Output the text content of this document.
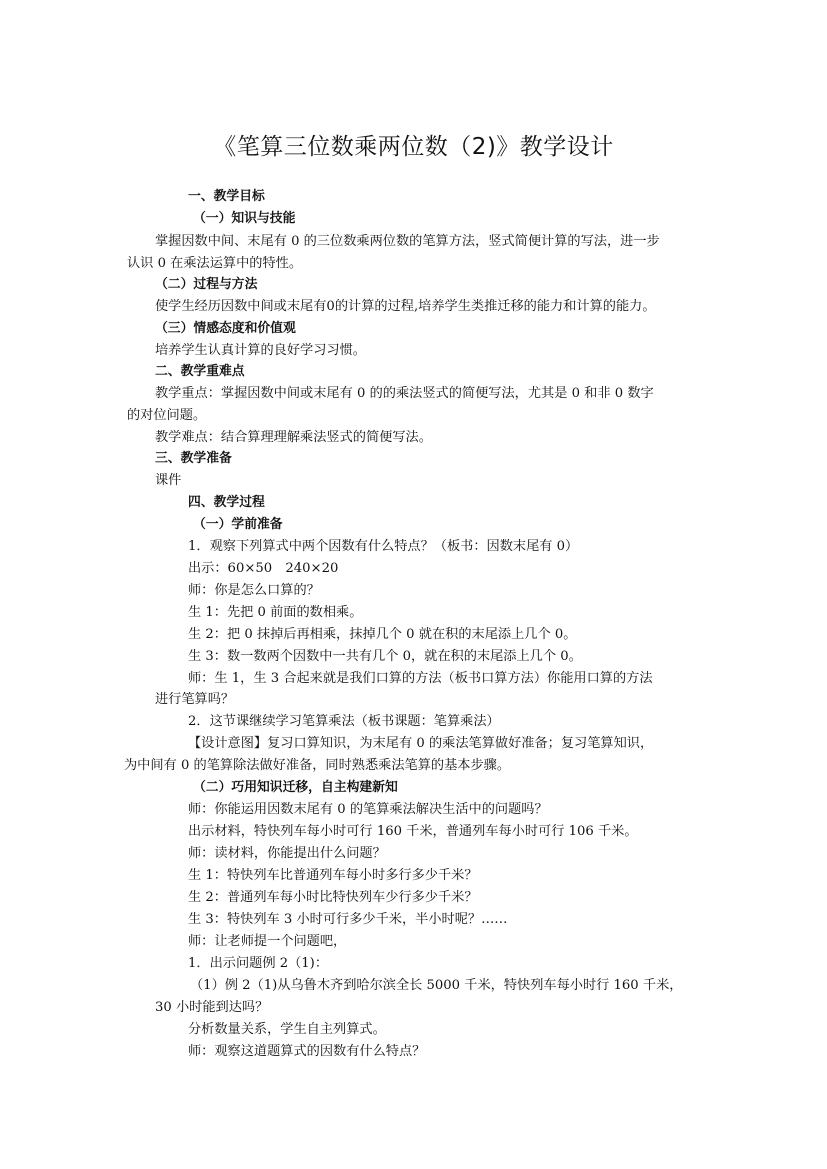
《笔算三位数乘两位数（2)》教学设计
一、教学目标
（一）知识与技能
掌握因数中间、末尾有 0 的三位数乘两位数的笔算方法，竖式简便计算的写法，进一步
认识 0 在乘法运算中的特性。
（二）过程与方法
使学生经历因数中间或末尾有0的计算的过程,培养学生类推迁移的能力和计算的能力。
（三）情感态度和价值观
培养学生认真计算的良好学习习惯。
二、教学重难点
教学重点：掌握因数中间或末尾有 0 的的乘法竖式的简便写法，尤其是 0 和非 0 数字
的对位问题。
教学难点：结合算理理解乘法竖式的简便写法。
三、教学准备
课件
四、教学过程
（一）学前准备
1．观察下列算式中两个因数有什么特点？（板书：因数末尾有 0）
出示：60×50　240×20
师：你是怎么口算的？
生 1：先把 0 前面的数相乘。
生 2：把 0 抹掉后再相乘，抹掉几个 0 就在积的末尾添上几个 0。
生 3：数一数两个因数中一共有几个 0，就在积的末尾添上几个 0。
师：生 1，生 3 合起来就是我们口算的方法（板书口算方法）你能用口算的方法
进行笔算吗？
2．这节课继续学习笔算乘法（板书课题：笔算乘法）
【设计意图】复习口算知识，为末尾有 0 的乘法笔算做好准备；复习笔算知识，
为中间有 0 的笔算除法做好准备，同时熟悉乘法笔算的基本步骤。
（二）巧用知识迁移，自主构建新知
师：你能运用因数末尾有 0 的笔算乘法解决生活中的问题吗？
出示材料，特快列车每小时可行 160 千米，普通列车每小时可行 106 千米。
师：读材料，你能提出什么问题？
生 1：特快列车比普通列车每小时多行多少千米？
生 2：普通列车每小时比特快列车少行多少千米？
生 3：特快列车 3 小时可行多少千米，半小时呢？……
师：让老师提一个问题吧，
1．出示问题例 2（1)：
（1）例 2（1)从乌鲁木齐到哈尔滨全长 5000 千米，特快列车每小时行 160 千米，
30 小时能到达吗？
分析数量关系，学生自主列算式。
师：观察这道题算式的因数有什么特点？
